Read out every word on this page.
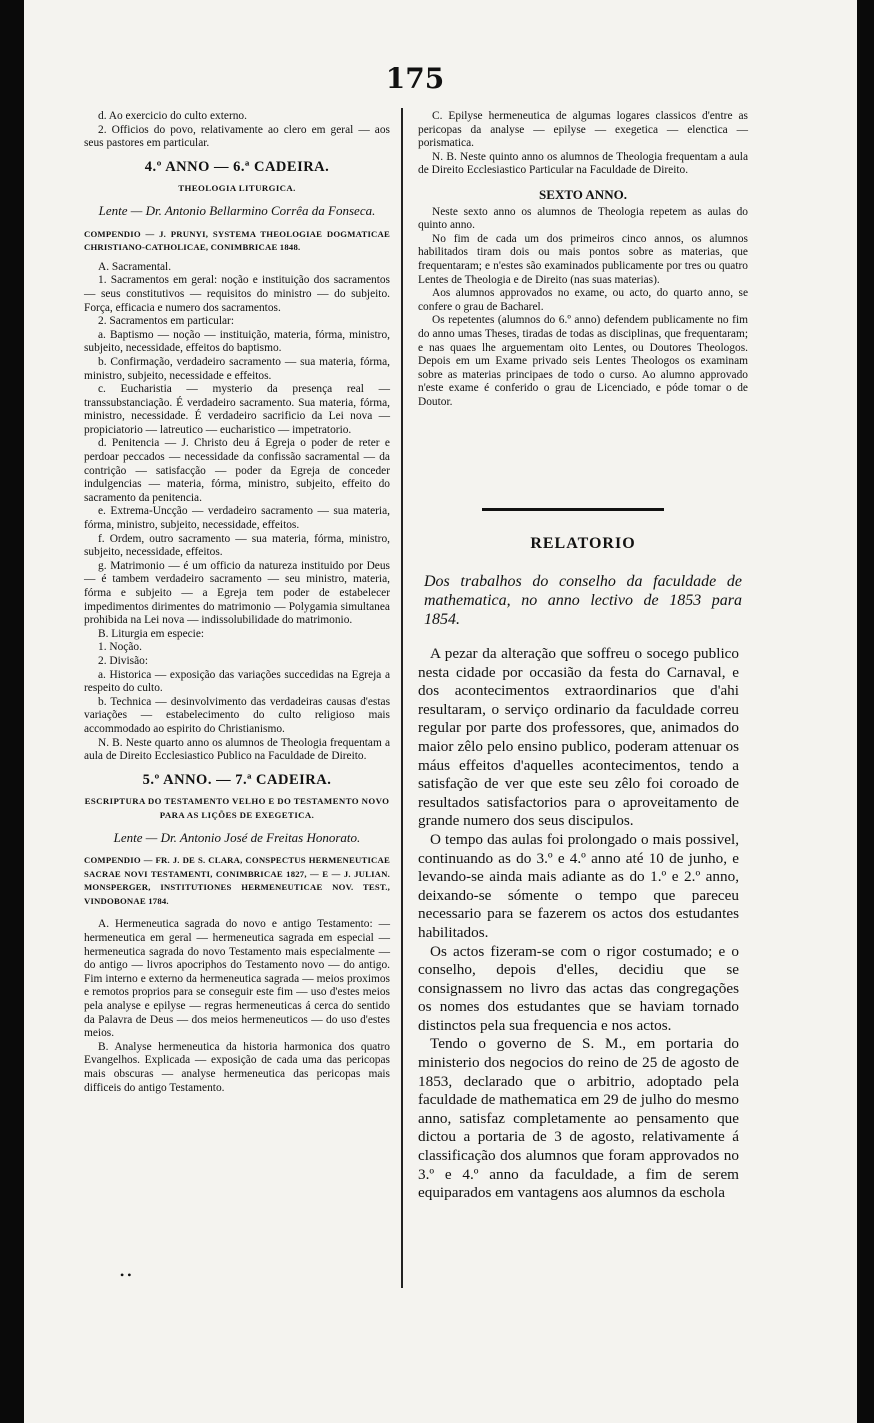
175

d. Ao exercicio do culto externo.

2. Officios do povo, relativamente ao clero em geral — aos seus pastores em particular.

4.º ANNO — 6.ª CADEIRA.

THEOLOGIA LITURGICA.

Lente — Dr. Antonio Bellarmino Corrêa da Fonseca.

COMPENDIO — J. PRUNYI, SYSTEMA THEOLOGIAE DOGMATICAE CHRISTIANO-CATHOLICAE, CONIMBRICAE 1848.

A. Sacramental.

1. Sacramentos em geral: noção e instituição dos sacramentos — seus constitutivos — requisitos do ministro — do subjeito. Força, efficacia e numero dos sacramentos.

2. Sacramentos em particular:

a. Baptismo — noção — instituição, materia, fórma, ministro, subjeito, necessidade, effeitos do baptismo.

b. Confirmação, verdadeiro sacramento — sua materia, fórma, ministro, subjeito, necessidade e effeitos.

c. Eucharistia — mysterio da presença real — transsubstanciação. É verdadeiro sacramento. Sua materia, fórma, ministro, necessidade. É verdadeiro sacrificio da Lei nova — propiciatorio — latreutico — eucharistico — impetratorio.

d. Penitencia — J. Christo deu á Egreja o poder de reter e perdoar peccados — necessidade da confissão sacramental — da contrição — satisfacção — poder da Egreja de conceder indulgencias — materia, fórma, ministro, subjeito, effeito do sacramento da penitencia.

e. Extrema-Uncção — verdadeiro sacramento — sua materia, fórma, ministro, subjeito, necessidade, effeitos.

f. Ordem, outro sacramento — sua materia, fórma, ministro, subjeito, necessidade, effeitos.

g. Matrimonio — é um officio da natureza instituido por Deus — é tambem verdadeiro sacramento — seu ministro, materia, fórma e subjeito — a Egreja tem poder de estabelecer impedimentos dirimentes do matrimonio — Polygamia simultanea prohibida na Lei nova — indissolubilidade do matrimonio.

B. Liturgia em especie:

1. Noção.

2. Divisão:

a. Historica — exposição das variações succedidas na Egreja a respeito do culto.

b. Technica — desinvolvimento das verdadeiras causas d'estas variações — estabelecimento do culto religioso mais accommodado ao espirito do Christianismo.

N. B. Neste quarto anno os alumnos de Theologia frequentam a aula de Direito Ecclesiastico Publico na Faculdade de Direito.

5.º ANNO. — 7.ª CADEIRA.

ESCRIPTURA DO TESTAMENTO VELHO E DO TESTAMENTO NOVO PARA AS LIÇÕES DE EXEGETICA.

Lente — Dr. Antonio José de Freitas Honorato.

COMPENDIO — FR. J. DE S. CLARA, CONSPECTUS HERMENEUTICAE SACRAE NOVI TESTAMENTI, CONIMBRICAE 1827, — E — J. JULIAN. MONSPERGER, INSTITUTIONES HERMENEUTICAE NOV. TEST., VINDOBONAE 1784.

A. Hermeneutica sagrada do novo e antigo Testamento: — hermeneutica em geral — hermeneutica sagrada em especial — hermeneutica sagrada do novo Testamento mais especialmente — do antigo — livros apocriphos do Testamento novo — do antigo. Fim interno e externo da hermeneutica sagrada — meios proximos e remotos proprios para se conseguir este fim — uso d'estes meios pela analyse e epilyse — regras hermeneuticas á cerca do sentido da Palavra de Deus — dos meios hermeneuticos — do uso d'estes meios.

B. Analyse hermeneutica da historia harmonica dos quatro Evangelhos. Explicada — exposição de cada uma das pericopas mais obscuras — analyse hermeneutica das pericopas mais difficeis do antigo Testamento.

• •

C. Epilyse hermeneutica de algumas logares classicos d'entre as pericopas da analyse — epilyse — exegetica — elenctica — porismatica.

N. B. Neste quinto anno os alumnos de Theologia frequentam a aula de Direito Ecclesiastico Particular na Faculdade de Direito.

SEXTO ANNO.

Neste sexto anno os alumnos de Theologia repetem as aulas do quinto anno.

No fim de cada um dos primeiros cinco annos, os alumnos habilitados tiram dois ou mais pontos sobre as materias, que frequentaram; e n'estes são examinados publicamente por tres ou quatro Lentes de Theologia e de Direito (nas suas materias).

Aos alumnos approvados no exame, ou acto, do quarto anno, se confere o grau de Bacharel.

Os repetentes (alumnos do 6.º anno) defendem publicamente no fim do anno umas Theses, tiradas de todas as disciplinas, que frequentaram; e nas quaes lhe arguementam oito Lentes, ou Doutores Theologos. Depois em um Exame privado seis Lentes Theologos os examinam sobre as materias principaes de todo o curso. Ao alumno approvado n'este exame é conferido o grau de Licenciado, e póde tomar o de Doutor.

RELATORIO
Dos trabalhos do conselho da faculdade de mathematica, no anno lectivo de 1853 para 1854.

A pezar da alteração que soffreu o socego publico nesta cidade por occasião da festa do Carnaval, e dos acontecimentos extraordinarios que d'ahi resultaram, o serviço ordinario da faculdade correu regular por parte dos professores, que, animados do maior zêlo pelo ensino publico, poderam attenuar os máus effeitos d'aquelles acontecimentos, tendo a satisfação de ver que este seu zêlo foi coroado de resultados satisfactorios para o aproveitamento de grande numero dos seus discipulos.

O tempo das aulas foi prolongado o mais possivel, continuando as do 3.º e 4.º anno até 10 de junho, e levando-se ainda mais adiante as do 1.º e 2.º anno, deixando-se sómente o tempo que pareceu necessario para se fazerem os actos dos estudantes habilitados.

Os actos fizeram-se com o rigor costumado; e o conselho, depois d'elles, decidiu que se consignassem no livro das actas das congregações os nomes dos estudantes que se haviam tornado distinctos pela sua frequencia e nos actos.

Tendo o governo de S. M., em portaria do ministerio dos negocios do reino de 25 de agosto de 1853, declarado que o arbitrio, adoptado pela faculdade de mathematica em 29 de julho do mesmo anno, satisfaz completamente ao pensamento que dictou a portaria de 3 de agosto, relativamente á classificação dos alumnos que foram approvados no 3.º e 4.º anno da faculdade, a fim de serem equiparados em vantagens aos alumnos da eschola
